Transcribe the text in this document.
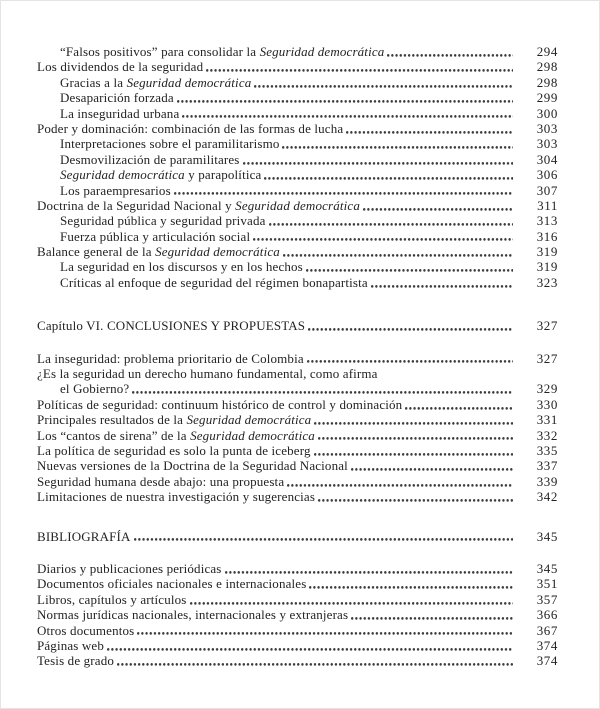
“Falsos positivos” para consolidar la Seguridad democrática	294
Los dividendos de la seguridad	298
Gracias a la Seguridad democrática	298
Desaparición forzada	299
La inseguridad urbana	300
Poder y dominación: combinación de las formas de lucha	303
Interpretaciones sobre el paramilitarismo	303
Desmovilización de paramilitares	304
Seguridad democrática y parapolítica	306
Los paraempresarios	307
Doctrina de la Seguridad Nacional y Seguridad democrática	311
Seguridad pública y seguridad privada	313
Fuerza pública y articulación social	316
Balance general de la Seguridad democrática	319
La seguridad en los discursos y en los hechos	319
Críticas al enfoque de seguridad del régimen bonapartista	323
Capítulo VI. CONCLUSIONES Y PROPUESTAS	327
La inseguridad: problema prioritario de Colombia	327
¿Es la seguridad un derecho humano fundamental, como afirma
el Gobierno?	329
Políticas de seguridad: continuum histórico de control y dominación	330
Principales resultados de la Seguridad democrática	331
Los “cantos de sirena” de la Seguridad democrática	332
La política de seguridad es solo la punta de iceberg	335
Nuevas versiones de la Doctrina de la Seguridad Nacional	337
Seguridad humana desde abajo: una propuesta	339
Limitaciones de nuestra investigación y sugerencias	342
BIBLIOGRAFÍA	345
Diarios y publicaciones periódicas	345
Documentos oficiales nacionales e internacionales	351
Libros, capítulos y artículos	357
Normas jurídicas nacionales, internacionales y extranjeras	366
Otros documentos	367
Páginas web	374
Tesis de grado	374
